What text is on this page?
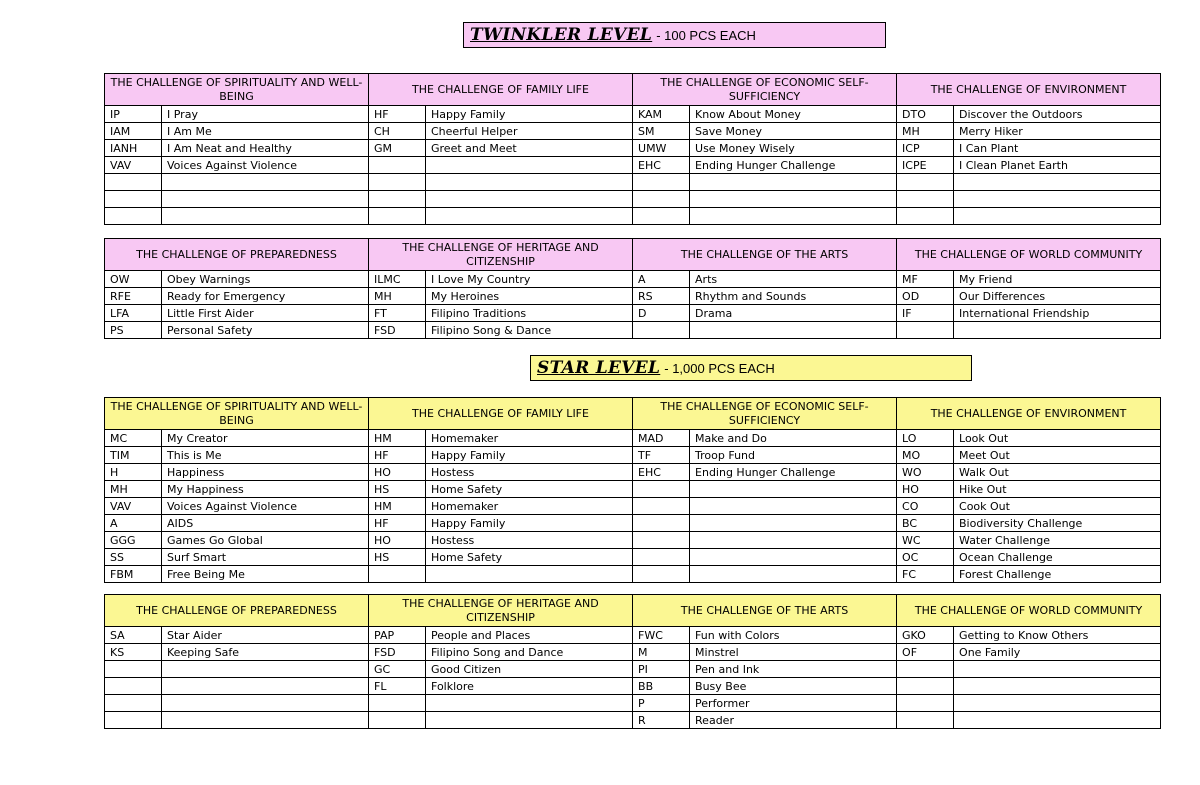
TWINKLER LEVEL - 100 PCS EACH
THE CHALLENGE OF SPIRITUALITY AND WELL-BEING		THE CHALLENGE OF FAMILY LIFE		THE CHALLENGE OF ECONOMIC SELF-SUFFICIENCY		THE CHALLENGE OF ENVIRONMENT	
IP	I Pray	HF	Happy Family	KAM	Know About Money	DTO	Discover the Outdoors
IAM	I Am Me	CH	Cheerful Helper	SM	Save Money	MH	Merry Hiker
IANH	I Am Neat and Healthy	GM	Greet and Meet	UMW	Use Money Wisely	ICP	I Can Plant
VAV	Voices Against Violence			EHC	Ending Hunger Challenge	ICPE	I Clean Planet Earth

THE CHALLENGE OF PREPAREDNESS		THE CHALLENGE OF HERITAGE AND CITIZENSHIP		THE CHALLENGE OF THE ARTS		THE CHALLENGE OF WORLD COMMUNITY	
OW	Obey Warnings	ILMC	I Love My Country	A	Arts	MF	My Friend
RFE	Ready for Emergency	MH	My Heroines	RS	Rhythm and Sounds	OD	Our Differences
LFA	Little First Aider	FT	Filipino Traditions	D	Drama	IF	International Friendship
PS	Personal Safety	FSD	Filipino Song & Dance				
STAR LEVEL - 1,000 PCS EACH
THE CHALLENGE OF SPIRITUALITY AND WELL-BEING		THE CHALLENGE OF FAMILY LIFE		THE CHALLENGE OF ECONOMIC SELF-SUFFICIENCY		THE CHALLENGE OF ENVIRONMENT	
MC	My Creator	HM	Homemaker	MAD	Make and Do	LO	Look Out
TIM	This is Me	HF	Happy Family	TF	Troop Fund	MO	Meet Out
H	Happiness	HO	Hostess	EHC	Ending Hunger Challenge	WO	Walk Out
MH	My Happiness	HS	Home Safety			HO	Hike Out
VAV	Voices Against Violence	HM	Homemaker			CO	Cook Out
A	AIDS	HF	Happy Family			BC	Biodiversity Challenge
GGG	Games Go Global	HO	Hostess			WC	Water Challenge
SS	Surf Smart	HS	Home Safety			OC	Ocean Challenge
FBM	Free Being Me					FC	Forest Challenge
THE CHALLENGE OF PREPAREDNESS		THE CHALLENGE OF HERITAGE AND CITIZENSHIP		THE CHALLENGE OF THE ARTS		THE CHALLENGE OF WORLD COMMUNITY	
SA	Star Aider	PAP	People and Places	FWC	Fun with Colors	GKO	Getting to Know Others
KS	Keeping Safe	FSD	Filipino Song and Dance	M	Minstrel	OF	One Family
		GC	Good Citizen	PI	Pen and Ink		
		FL	Folklore	BB	Busy Bee		
				P	Performer		
				R	Reader		
